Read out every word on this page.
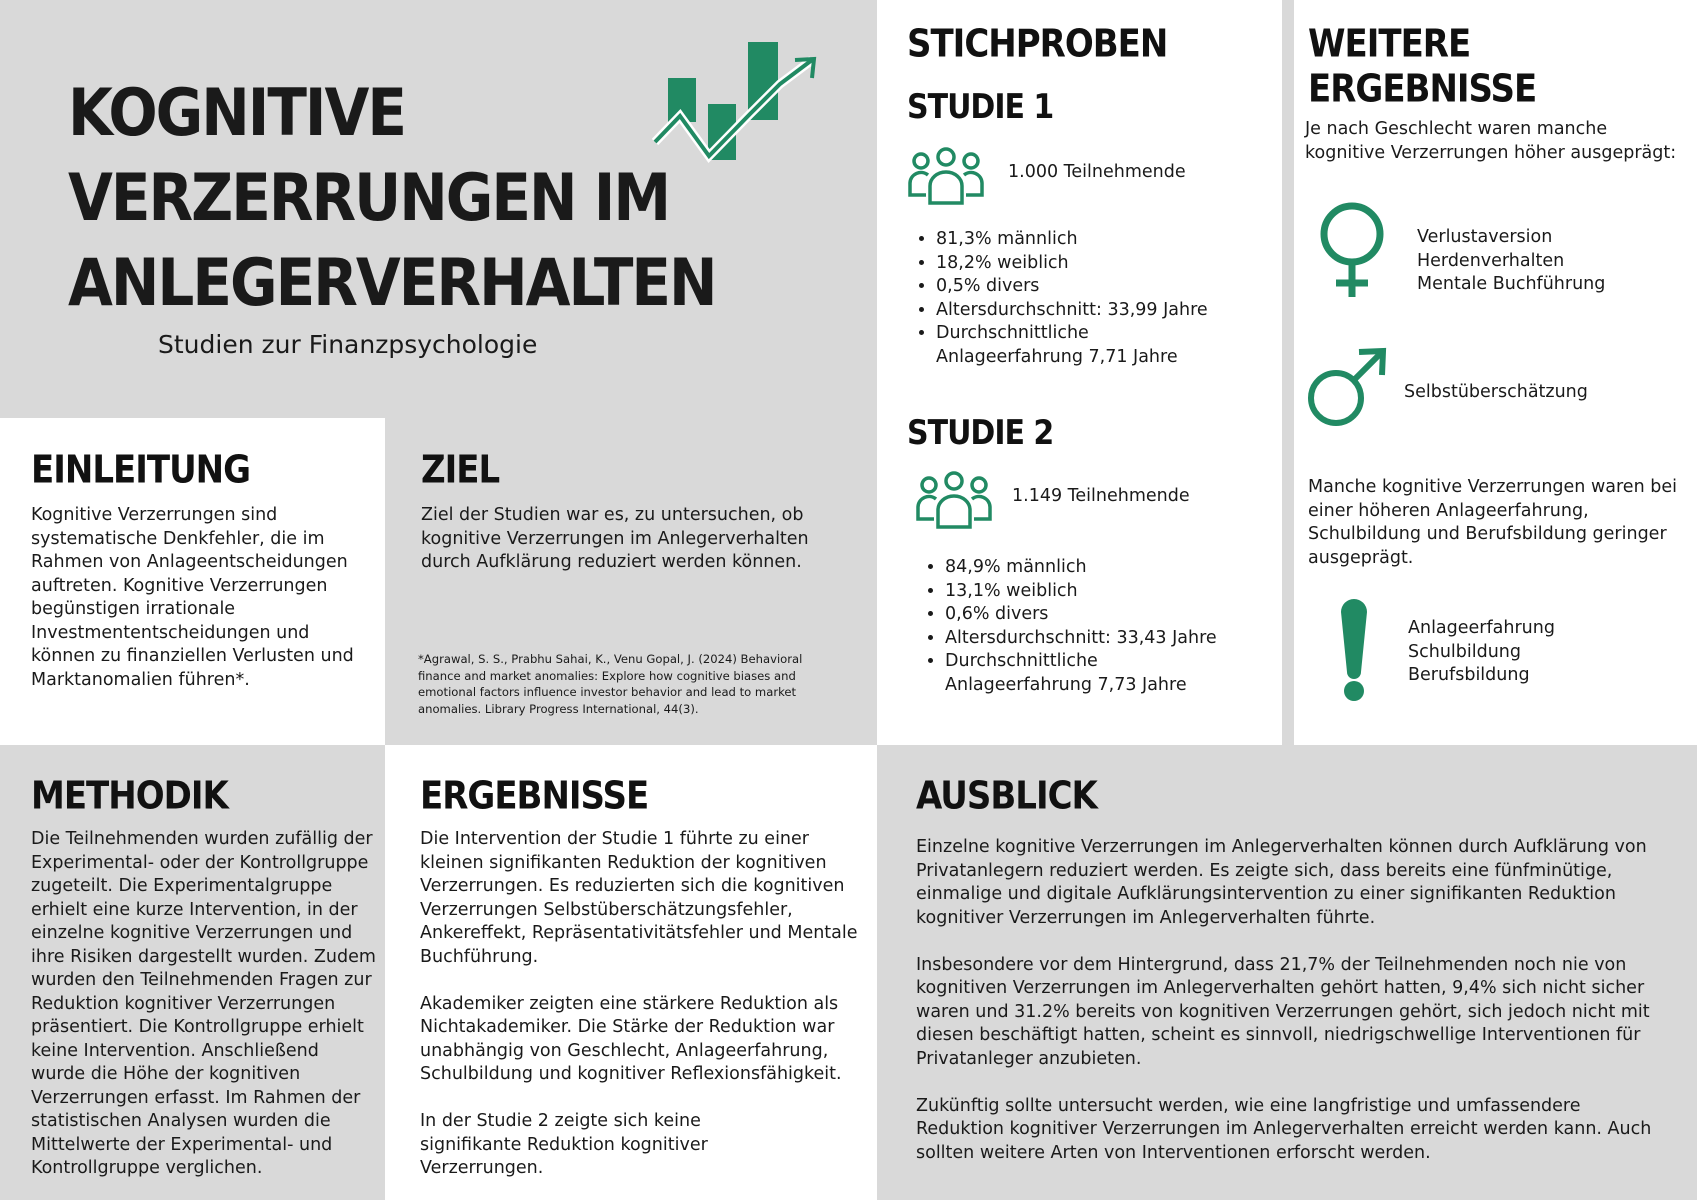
KOGNITIVE VERZERRUNGEN IM ANLEGERVERHALTEN

Studien zur Finanzpsychologie

EINLEITUNG

Kognitive Verzerrungen sind systematische Denkfehler, die im Rahmen von Anlageentscheidungen auftreten. Kognitive Verzerrungen begünstigen irrationale Investmententscheidungen und können zu finanziellen Verlusten und Marktanomalien führen*.

ZIEL

Ziel der Studien war es, zu untersuchen, ob kognitive Verzerrungen im Anlegerverhalten durch Aufklärung reduziert werden können.

*Agrawal, S. S., Prabhu Sahai, K., Venu Gopal, J. (2024) Behavioral finance and market anomalies: Explore how cognitive biases and emotional factors influence investor behavior and lead to market anomalies. Library Progress International, 44(3).

STICHPROBEN
STUDIE 1

1.000 Teilnehmende

• 81,3% männlich
• 18,2% weiblich
• 0,5% divers
• Altersdurchschnitt: 33,99 Jahre
• Durchschnittliche Anlageerfahrung 7,71 Jahre
STUDIE 2

1.149 Teilnehmende

• 84,9% männlich
• 13,1% weiblich
• 0,6% divers
• Altersdurchschnitt: 33,43 Jahre
• Durchschnittliche Anlageerfahrung 7,73 Jahre
WEITERE ERGEBNISSE

Je nach Geschlecht waren manche kognitive Verzerrungen höher ausgeprägt:

Verlustaversion

Herdenverhalten

Mentale Buchführung

Selbstüberschätzung

Manche kognitive Verzerrungen waren bei einer höheren Anlageerfahrung, Schulbildung und Berufsbildung geringer ausgeprägt.

Anlageerfahrung

Schulbildung

Berufsbildung

METHODIK

Die Teilnehmenden wurden zufällig der Experimental- oder der Kontrollgruppe zugeteilt. Die Experimentalgruppe erhielt eine kurze Intervention, in der einzelne kognitive Verzerrungen und ihre Risiken dargestellt wurden. Zudem wurden den Teilnehmenden Fragen zur Reduktion kognitiver Verzerrungen präsentiert. Die Kontrollgruppe erhielt keine Intervention. Anschließend wurde die Höhe der kognitiven Verzerrungen erfasst. Im Rahmen der statistischen Analysen wurden die Mittelwerte der Experimental- und Kontrollgruppe verglichen.

ERGEBNISSE

Die Intervention der Studie 1 führte zu einer kleinen signifikanten Reduktion der kognitiven Verzerrungen. Es reduzierten sich die kognitiven Verzerrungen Selbstüberschätzungsfehler, Ankereffekt, Repräsentativitätsfehler und Mentale Buchführung.

Akademiker zeigten eine stärkere Reduktion als Nichtakademiker. Die Stärke der Reduktion war unabhängig von Geschlecht, Anlageerfahrung, Schulbildung und kognitiver Reflexionsfähigkeit.

In der Studie 2 zeigte sich keine signifikante Reduktion kognitiver Verzerrungen.

AUSBLICK

Einzelne kognitive Verzerrungen im Anlegerverhalten können durch Aufklärung von Privatanlegern reduziert werden. Es zeigte sich, dass bereits eine fünfminütige, einmalige und digitale Aufklärungsintervention zu einer signifikanten Reduktion kognitiver Verzerrungen im Anlegerverhalten führte.

Insbesondere vor dem Hintergrund, dass 21,7% der Teilnehmenden noch nie von kognitiven Verzerrungen im Anlegerverhalten gehört hatten, 9,4% sich nicht sicher waren und 31.2% bereits von kognitiven Verzerrungen gehört, sich jedoch nicht mit diesen beschäftigt hatten, scheint es sinnvoll, niedrigschwellige Interventionen für Privatanleger anzubieten.

Zukünftig sollte untersucht werden, wie eine langfristige und umfassendere Reduktion kognitiver Verzerrungen im Anlegerverhalten erreicht werden kann. Auch sollten weitere Arten von Interventionen erforscht werden.
